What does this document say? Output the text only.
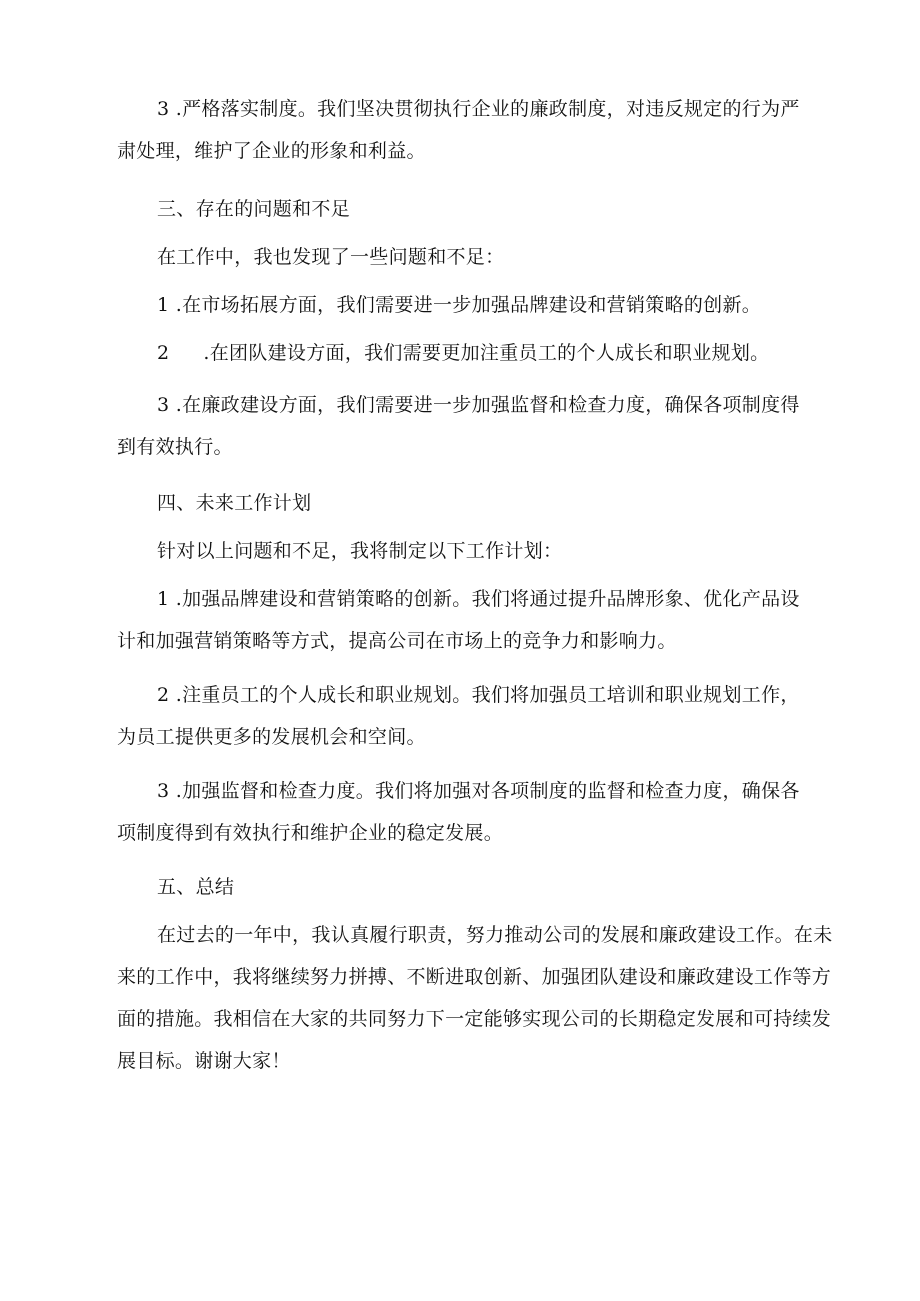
3 .严格落实制度。我们坚决贯彻执行企业的廉政制度，对违反规定的行为严肃处理，维护了企业的形象和利益。

三、存在的问题和不足

在工作中，我也发现了一些问题和不足：

1 .在市场拓展方面，我们需要进一步加强品牌建设和营销策略的创新。

2 .在团队建设方面，我们需要更加注重员工的个人成长和职业规划。

3 .在廉政建设方面，我们需要进一步加强监督和检查力度，确保各项制度得到有效执行。

四、未来工作计划

针对以上问题和不足，我将制定以下工作计划：

1 .加强品牌建设和营销策略的创新。我们将通过提升品牌形象、优化产品设计和加强营销策略等方式，提高公司在市场上的竞争力和影响力。

2 .注重员工的个人成长和职业规划。我们将加强员工培训和职业规划工作，为员工提供更多的发展机会和空间。

3 .加强监督和检查力度。我们将加强对各项制度的监督和检查力度，确保各项制度得到有效执行和维护企业的稳定发展。

五、总结

在过去的一年中，我认真履行职责，努力推动公司的发展和廉政建设工作。在未来的工作中，我将继续努力拼搏、不断进取创新、加强团队建设和廉政建设工作等方面的措施。我相信在大家的共同努力下一定能够实现公司的长期稳定发展和可持续发展目标。谢谢大家！
